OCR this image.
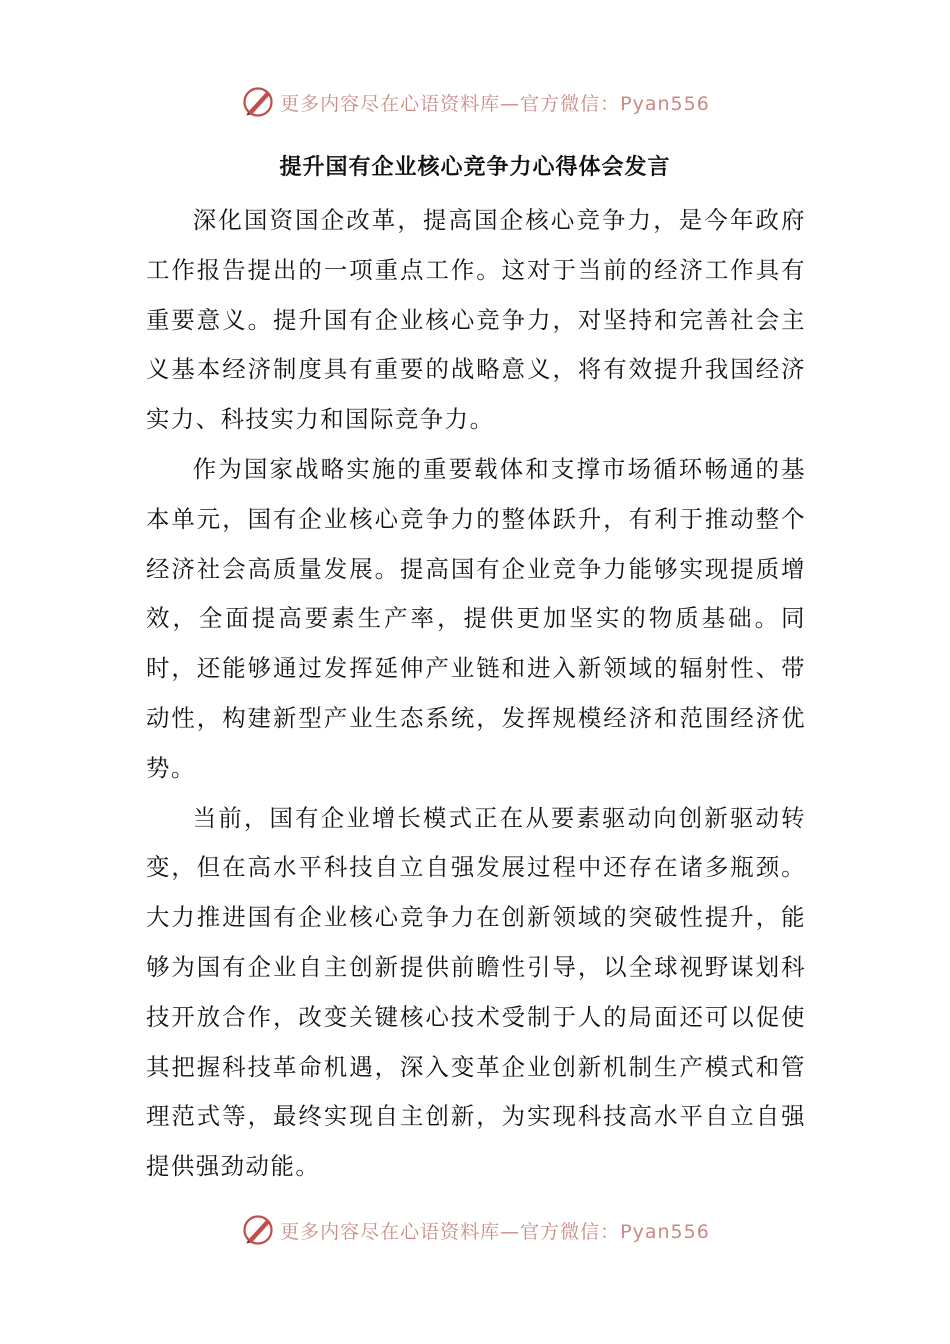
更多内容尽在心语资料库—官方微信：Pyan556
提升国有企业核心竞争力心得体会发言

深化国资国企改革，提高国企核心竞争力，是今年政府工作报告提出的一项重点工作。这对于当前的经济工作具有重要意义。提升国有企业核心竞争力，对坚持和完善社会主义基本经济制度具有重要的战略意义，将有效提升我国经济实力、科技实力和国际竞争力。

作为国家战略实施的重要载体和支撑市场循环畅通的基本单元，国有企业核心竞争力的整体跃升，有利于推动整个经济社会高质量发展。提高国有企业竞争力能够实现提质增效，全面提高要素生产率，提供更加坚实的物质基础。同时，还能够通过发挥延伸产业链和进入新领域的辐射性、带动性，构建新型产业生态系统，发挥规模经济和范围经济优势。

当前，国有企业增长模式正在从要素驱动向创新驱动转变，但在高水平科技自立自强发展过程中还存在诸多瓶颈。大力推进国有企业核心竞争力在创新领域的突破性提升，能够为国有企业自主创新提供前瞻性引导，以全球视野谋划科技开放合作，改变关键核心技术受制于人的局面还可以促使其把握科技革命机遇，深入变革企业创新机制生产模式和管理范式等，最终实现自主创新，为实现科技高水平自立自强提供强劲动能。

更多内容尽在心语资料库—官方微信：Pyan556
